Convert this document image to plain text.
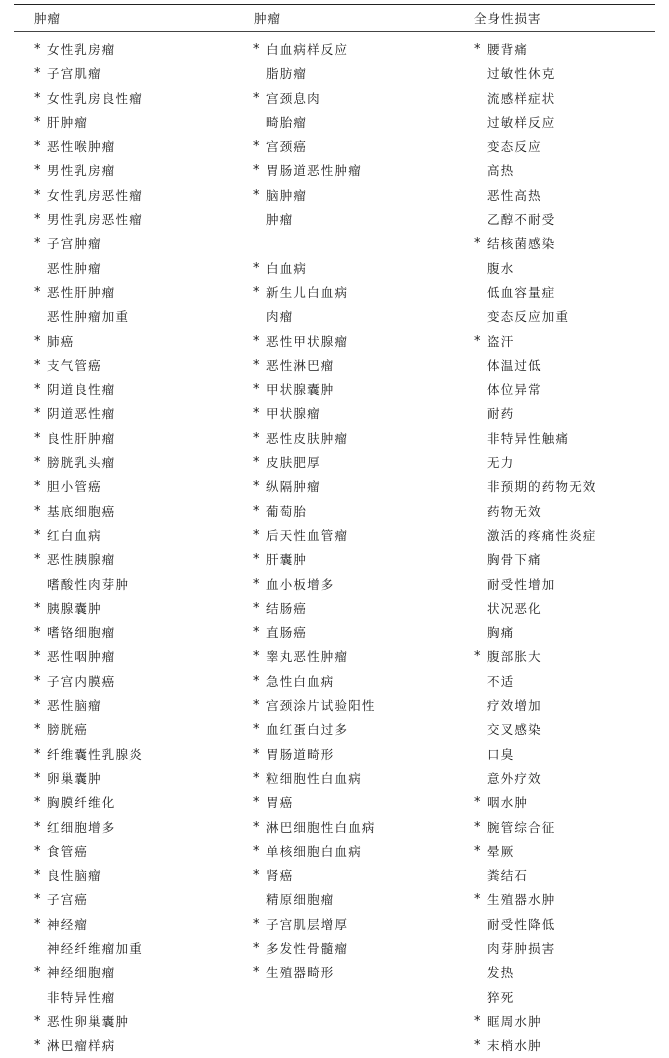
肿瘤	肿瘤	全身性损害
* 女性乳房瘤
* 子宫肌瘤
* 女性乳房良性瘤
* 肝肿瘤
* 恶性喉肿瘤
* 男性乳房瘤
* 女性乳房恶性瘤
* 男性乳房恶性瘤
* 子宫肿瘤
恶性肿瘤
* 恶性肝肿瘤
恶性肿瘤加重
* 肺癌
* 支气管癌
* 阴道良性瘤
* 阴道恶性瘤
* 良性肝肿瘤
* 膀胱乳头瘤
* 胆小管癌
* 基底细胞癌
* 红白血病
* 恶性胰腺瘤
嗜酸性肉芽肿
* 胰腺囊肿
* 嗜铬细胞瘤
* 恶性咽肿瘤
* 子宫内膜癌
* 恶性脑瘤
* 膀胱癌
* 纤维囊性乳腺炎
* 卵巢囊肿
* 胸膜纤维化
* 红细胞增多
* 食管癌
* 良性脑瘤
* 子宫癌
* 神经瘤
神经纤维瘤加重
* 神经细胞瘤
非特异性瘤
* 恶性卵巢囊肿
* 淋巴瘤样病
* 白血病样反应
脂肪瘤
* 宫颈息肉
畸胎瘤
* 宫颈癌
* 胃肠道恶性肿瘤
* 脑肿瘤
肿瘤
* 白血病
* 新生儿白血病
肉瘤
* 恶性甲状腺瘤
* 恶性淋巴瘤
* 甲状腺囊肿
* 甲状腺瘤
* 恶性皮肤肿瘤
* 皮肤肥厚
* 纵隔肿瘤
* 葡萄胎
* 后天性血管瘤
* 肝囊肿
* 血小板增多
* 结肠癌
* 直肠癌
* 睾丸恶性肿瘤
* 急性白血病
* 宫颈涂片试验阳性
* 血红蛋白过多
* 胃肠道畸形
* 粒细胞性白血病
* 胃癌
* 淋巴细胞性白血病
* 单核细胞白血病
* 肾癌
精原细胞瘤
* 子宫肌层增厚
* 多发性骨髓瘤
* 生殖器畸形
* 腰背痛
过敏性休克
流感样症状
过敏样反应
变态反应
高热
恶性高热
乙醇不耐受
* 结核菌感染
腹水
低血容量症
变态反应加重
* 盗汗
体温过低
体位异常
耐药
非特异性触痛
无力
非预期的药物无效
药物无效
激活的疼痛性炎症
胸骨下痛
耐受性增加
状况恶化
胸痛
* 腹部胀大
不适
疗效增加
交叉感染
口臭
意外疗效
* 咽水肿
* 腕管综合征
* 晕厥
粪结石
* 生殖器水肿
耐受性降低
肉芽肿损害
发热
猝死
* 眶周水肿
* 末梢水肿
